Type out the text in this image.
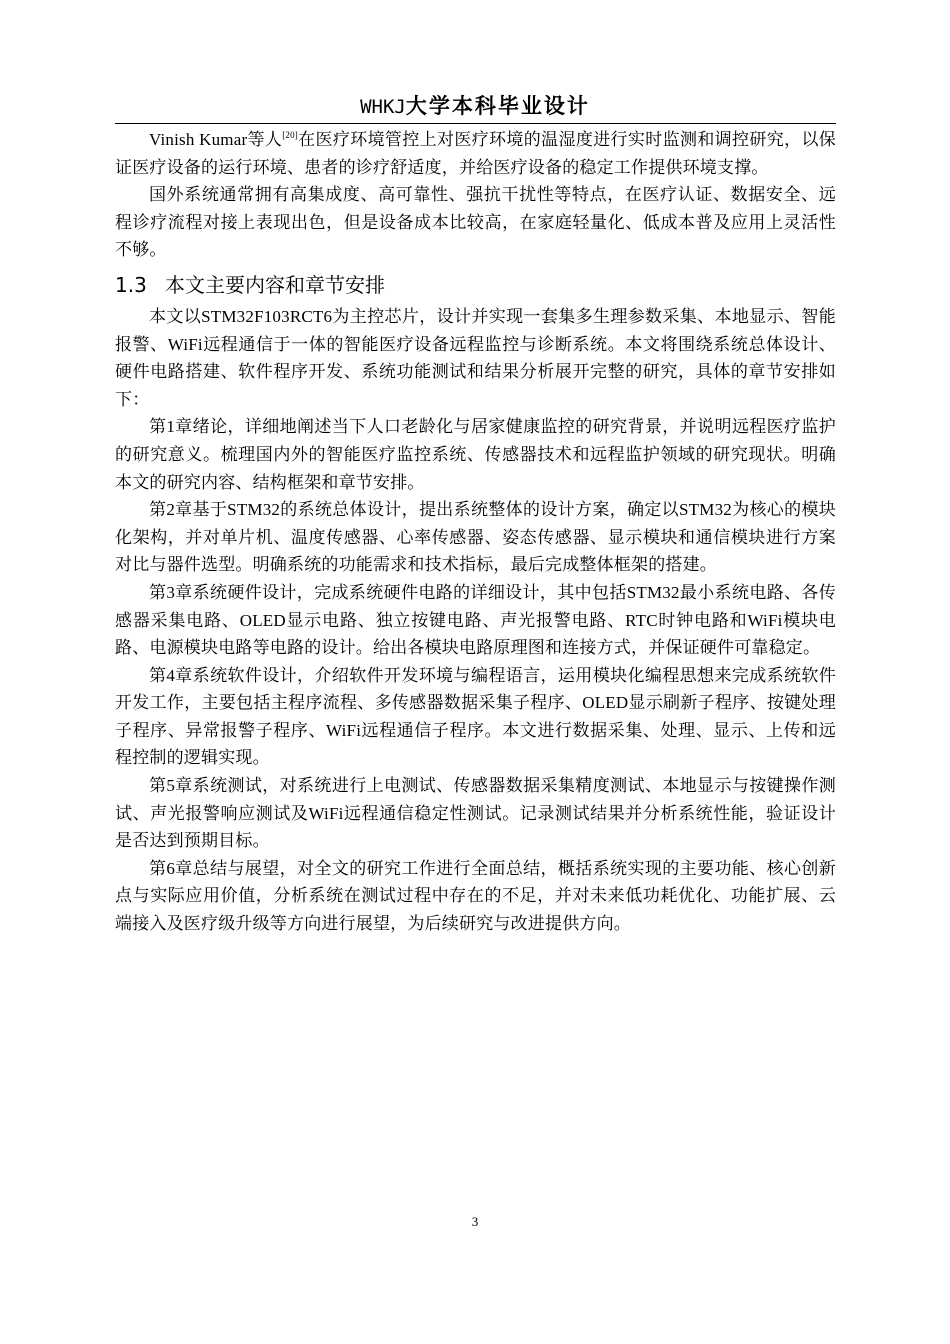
WHKJ大学本科毕业设计

Vinish Kumar等人[20]在医疗环境管控上对医疗环境的温湿度进行实时监测和调控研究，以保证医疗设备的运行环境、患者的诊疗舒适度，并给医疗设备的稳定工作提供环境支撑。

国外系统通常拥有高集成度、高可靠性、强抗干扰性等特点，在医疗认证、数据安全、远程诊疗流程对接上表现出色，但是设备成本比较高，在家庭轻量化、低成本普及应用上灵活性不够。

1.3 本文主要内容和章节安排

本文以STM32F103RCT6为主控芯片，设计并实现一套集多生理参数采集、本地显示、智能报警、WiFi远程通信于一体的智能医疗设备远程监控与诊断系统。本文将围绕系统总体设计、硬件电路搭建、软件程序开发、系统功能测试和结果分析展开完整的研究，具体的章节安排如下：

第1章绪论，详细地阐述当下人口老龄化与居家健康监控的研究背景，并说明远程医疗监护的研究意义。梳理国内外的智能医疗监控系统、传感器技术和远程监护领域的研究现状。明确本文的研究内容、结构框架和章节安排。

第2章基于STM32的系统总体设计，提出系统整体的设计方案，确定以STM32为核心的模块化架构，并对单片机、温度传感器、心率传感器、姿态传感器、显示模块和通信模块进行方案对比与器件选型。明确系统的功能需求和技术指标，最后完成整体框架的搭建。

第3章系统硬件设计，完成系统硬件电路的详细设计，其中包括STM32最小系统电路、各传感器采集电路、OLED显示电路、独立按键电路、声光报警电路、RTC时钟电路和WiFi模块电路、电源模块电路等电路的设计。给出各模块电路原理图和连接方式，并保证硬件可靠稳定。

第4章系统软件设计，介绍软件开发环境与编程语言，运用模块化编程思想来完成系统软件开发工作，主要包括主程序流程、多传感器数据采集子程序、OLED显示刷新子程序、按键处理子程序、异常报警子程序、WiFi远程通信子程序。本文进行数据采集、处理、显示、上传和远程控制的逻辑实现。

第5章系统测试，对系统进行上电测试、传感器数据采集精度测试、本地显示与按键操作测试、声光报警响应测试及WiFi远程通信稳定性测试。记录测试结果并分析系统性能，验证设计是否达到预期目标。

第6章总结与展望，对全文的研究工作进行全面总结，概括系统实现的主要功能、核心创新点与实际应用价值，分析系统在测试过程中存在的不足，并对未来低功耗优化、功能扩展、云端接入及医疗级升级等方向进行展望，为后续研究与改进提供方向。

3
